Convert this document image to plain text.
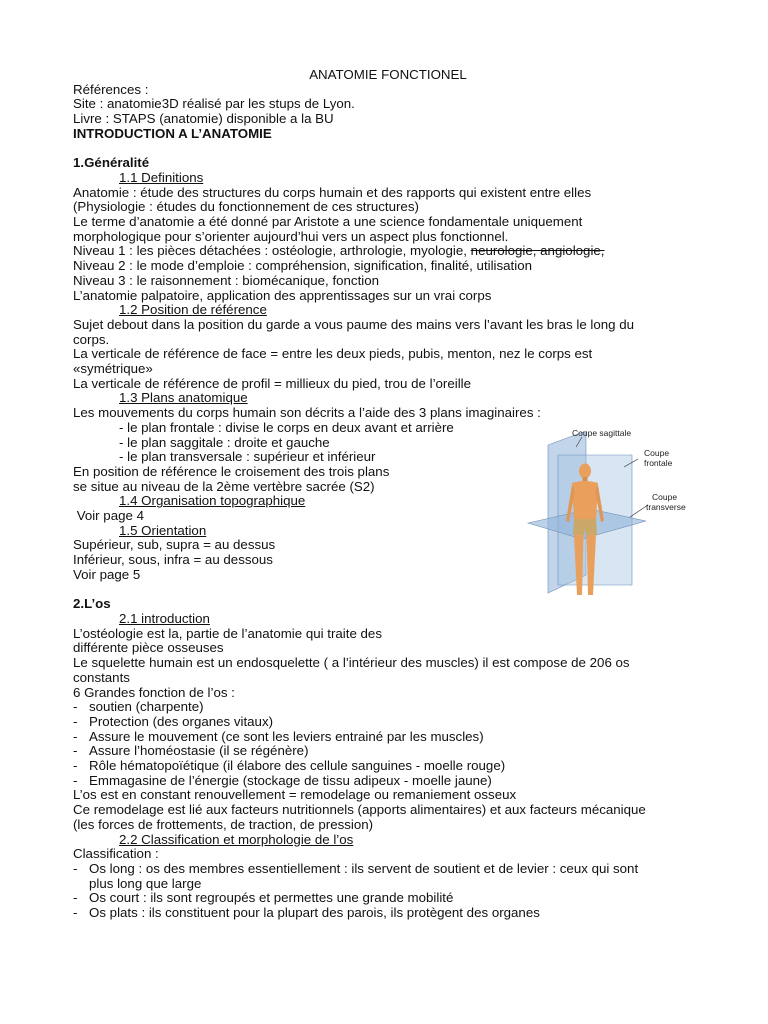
ANATOMIE FONCTIONEL
Références :
Site : anatomie3D réalisé par les stups de Lyon.
Livre : STAPS (anatomie) disponible a la BU
INTRODUCTION A L’ANATOMIE
1.Généralité
1.1 Definitions
Anatomie : étude des structures du corps humain et des rapports qui existent entre elles
(Physiologie : études du fonctionnement de ces structures)
Le terme d’anatomie a été donné par Aristote a une science fondamentale uniquement
morphologique pour s’orienter aujourd’hui vers un aspect plus fonctionnel.
Niveau 1 : les pièces détachées : ostéologie, arthrologie, myologie, neurologie, angiologie,
Niveau 2 : le mode d’emploie : compréhension, signification, finalité, utilisation
Niveau 3 : le raisonnement : biomécanique, fonction
L’anatomie palpatoire, application des apprentissages sur un vrai corps
1.2 Position de référence
Sujet debout dans la position du garde a vous paume des mains vers l’avant les bras le long du
corps.
La verticale de référence de face = entre les deux pieds, pubis, menton, nez le corps est
«symétrique»
La verticale de référence de profil = millieux du pied, trou de l’oreille
1.3 Plans anatomique
Les mouvements du corps humain son décrits a l’aide des 3 plans imaginaires :
- le plan frontale : divise le corps en deux avant et arrière
- le plan saggitale : droite et gauche
- le plan transversale : supérieur et inférieur
En position de référence le croisement des trois plans
se situe au niveau de la 2ème vertèbre sacrée (S2)
1.4 Organisation topographique
Voir page 4
1.5 Orientation
Supérieur, sub, supra = au dessus
Inférieur, sous, infra = au dessous
Voir page 5
2.L’os
2.1 introduction
L’ostéologie est la, partie de l’anatomie qui traite des
différente pièce osseuses
Le squelette humain est un endosquelette ( a l’intérieur des muscles) il est compose de 206 os
constants
6 Grandes fonction de l’os :
- soutien (charpente)
- Protection (des organes vitaux)
- Assure le mouvement (ce sont les leviers entrainé par les muscles)
- Assure l’homéostasie (il se régénère)
- Rôle hématopoïétique (il élabore des cellule sanguines - moelle rouge)
- Emmagasine de l’énergie (stockage de tissu adipeux - moelle jaune)
L’os est en constant renouvellement = remodelage ou remaniement osseux
Ce remodelage est lié aux facteurs nutritionnels (apports alimentaires) et aux facteurs mécanique
(les forces de frottements, de traction, de pression)
2.2 Classification et morphologie de l’os
Classification :
- Os long : os des membres essentiellement : ils servent de soutient et de levier : ceux qui sont plus long que large
- Os court : ils sont regroupés et permettes une grande mobilité
- Os plats : ils constituent pour la plupart des parois, ils protègent des organes
Coupe sagittale
Coupe
frontale
Coupe
transverse
